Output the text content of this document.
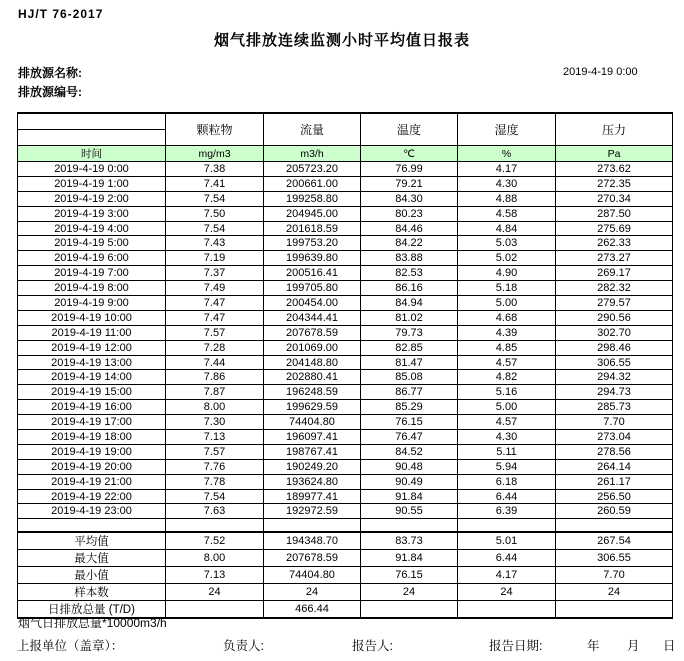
HJ/T 76-2017
烟气排放连续监测小时平均值日报表
排放源名称:
排放源编号:
2019-4-19 0:00
	颗粒物	流量	温度	湿度	压力

时间	mg/m3	m3/h	℃	%	Pa
2019-4-19 0:00	7.38	205723.20	76.99	4.17	273.62
2019-4-19 1:00	7.41	200661.00	79.21	4.30	272.35
2019-4-19 2:00	7.54	199258.80	84.30	4.88	270.34
2019-4-19 3:00	7.50	204945.00	80.23	4.58	287.50
2019-4-19 4:00	7.54	201618.59	84.46	4.84	275.69
2019-4-19 5:00	7.43	199753.20	84.22	5.03	262.33
2019-4-19 6:00	7.19	199639.80	83.88	5.02	273.27
2019-4-19 7:00	7.37	200516.41	82.53	4.90	269.17
2019-4-19 8:00	7.49	199705.80	86.16	5.18	282.32
2019-4-19 9:00	7.47	200454.00	84.94	5.00	279.57
2019-4-19 10:00	7.47	204344.41	81.02	4.68	290.56
2019-4-19 11:00	7.57	207678.59	79.73	4.39	302.70
2019-4-19 12:00	7.28	201069.00	82.85	4.85	298.46
2019-4-19 13:00	7.44	204148.80	81.47	4.57	306.55
2019-4-19 14:00	7.86	202880.41	85.08	4.82	294.32
2019-4-19 15:00	7.87	196248.59	86.77	5.16	294.73
2019-4-19 16:00	8.00	199629.59	85.29	5.00	285.73
2019-4-19 17:00	7.30	74404.80	76.15	4.57	7.70
2019-4-19 18:00	7.13	196097.41	76.47	4.30	273.04
2019-4-19 19:00	7.57	198767.41	84.52	5.11	278.56
2019-4-19 20:00	7.76	190249.20	90.48	5.94	264.14
2019-4-19 21:00	7.78	193624.80	90.49	6.18	261.17
2019-4-19 22:00	7.54	189977.41	91.84	6.44	256.50
2019-4-19 23:00	7.63	192972.59	90.55	6.39	260.59

平均值	7.52	194348.70	83.73	5.01	267.54
最大值	8.00	207678.59	91.84	6.44	306.55
最小值	7.13	74404.80	76.15	4.17	7.70
样本数	24	24	24	24	24
日排放总量 (T/D)		466.44			
烟气日排放总量*10000m3/h
上报单位（盖章）：	负责人:	报告人:	报告日期:	年 月 日
